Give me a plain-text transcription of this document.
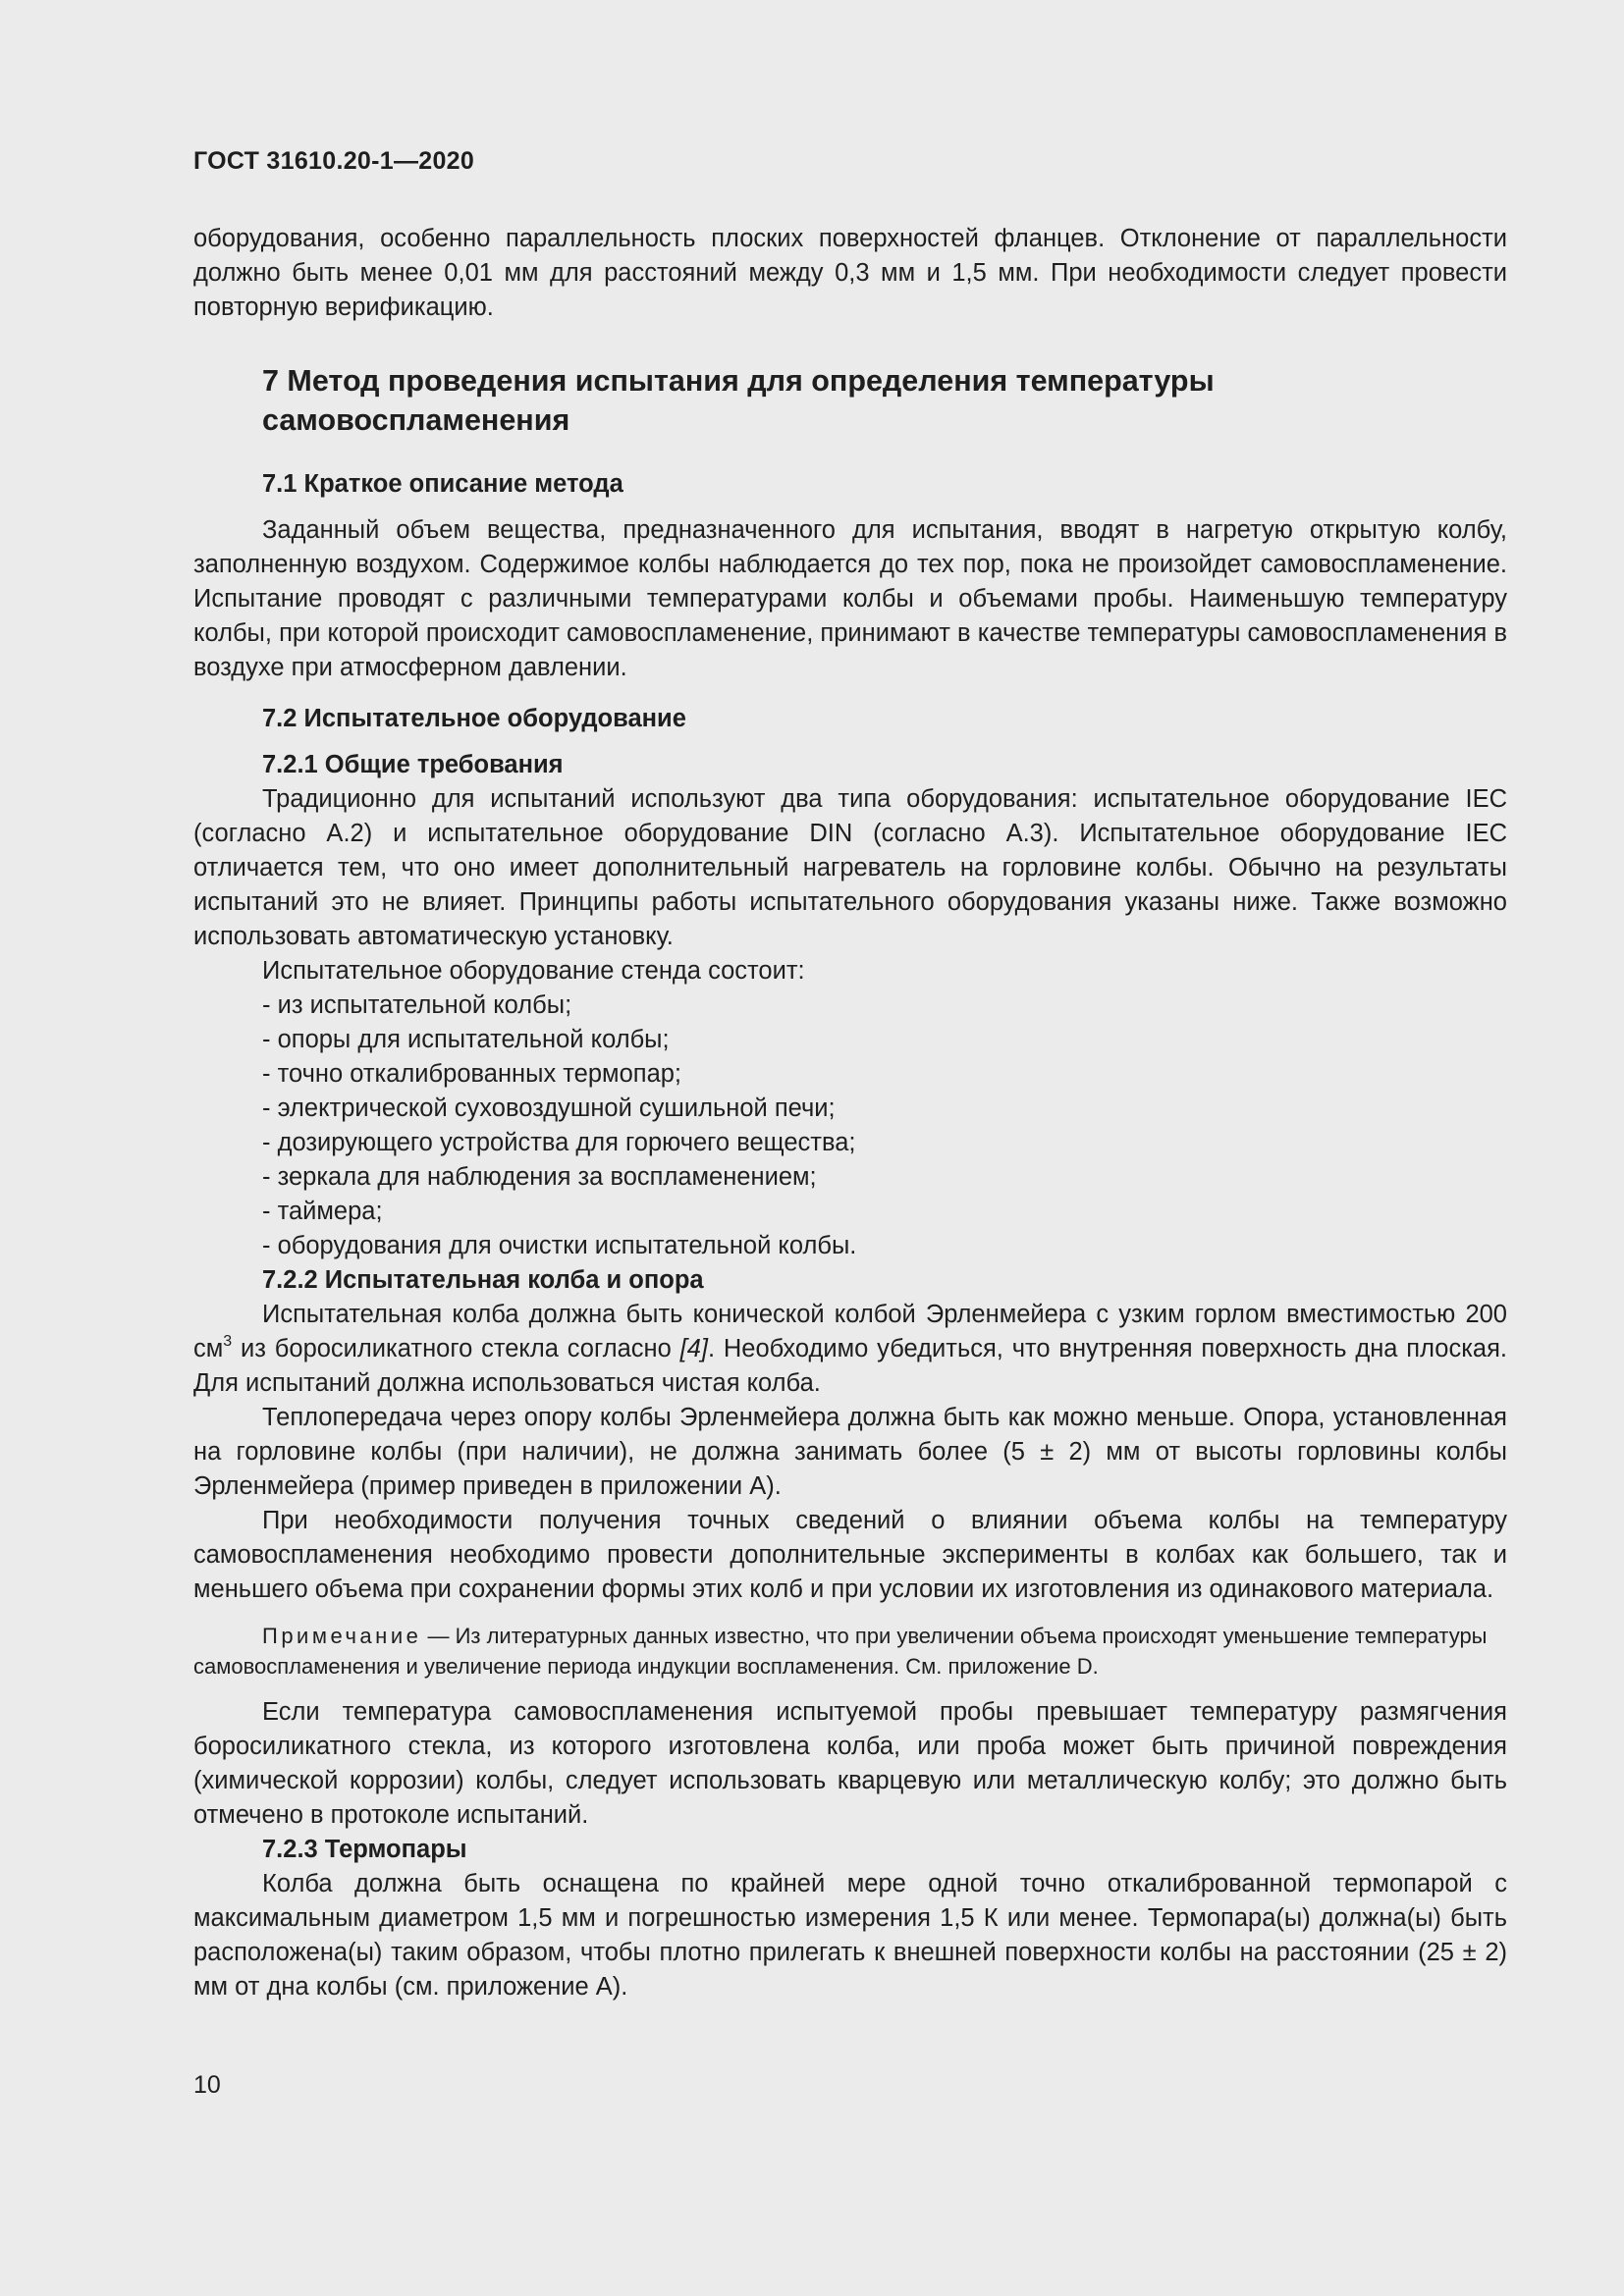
ГОСТ 31610.20-1—2020

оборудования, особенно параллельность плоских поверхностей фланцев. Отклонение от параллельности должно быть менее 0,01 мм для расстояний между 0,3 мм и 1,5 мм. При необходимости следует провести повторную верификацию.

7 Метод проведения испытания для определения температуры самовоспламенения

7.1 Краткое описание метода

Заданный объем вещества, предназначенного для испытания, вводят в нагретую открытую колбу, заполненную воздухом. Содержимое колбы наблюдается до тех пор, пока не произойдет самовоспламенение. Испытание проводят с различными температурами колбы и объемами пробы. Наименьшую температуру колбы, при которой происходит самовоспламенение, принимают в качестве температуры самовоспламенения в воздухе при атмосферном давлении.

7.2 Испытательное оборудование

7.2.1 Общие требования

Традиционно для испытаний используют два типа оборудования: испытательное оборудование IEC (согласно А.2) и испытательное оборудование DIN (согласно А.3). Испытательное оборудование IEC отличается тем, что оно имеет дополнительный нагреватель на горловине колбы. Обычно на результаты испытаний это не влияет. Принципы работы испытательного оборудования указаны ниже. Также возможно использовать автоматическую установку.

Испытательное оборудование стенда состоит:

- из испытательной колбы;

- опоры для испытательной колбы;

- точно откалиброванных термопар;

- электрической суховоздушной сушильной печи;

- дозирующего устройства для горючего вещества;

- зеркала для наблюдения за воспламенением;

- таймера;

- оборудования для очистки испытательной колбы.

7.2.2 Испытательная колба и опора

Испытательная колба должна быть конической колбой Эрленмейера с узким горлом вместимостью 200 $см^3$ из боросиликатного стекла согласно [4]. Необходимо убедиться, что внутренняя поверхность дна плоская. Для испытаний должна использоваться чистая колба.

Теплопередача через опору колбы Эрленмейера должна быть как можно меньше. Опора, установленная на горловине колбы (при наличии), не должна занимать более (5 ± 2) мм от высоты горловины колбы Эрленмейера (пример приведен в приложении А).

При необходимости получения точных сведений о влиянии объема колбы на температуру самовоспламенения необходимо провести дополнительные эксперименты в колбах как большего, так и меньшего объема при сохранении формы этих колб и при условии их изготовления из одинакового материала.

Примечание — Из литературных данных известно, что при увеличении объема происходят уменьшение температуры самовоспламенения и увеличение периода индукции воспламенения. См. приложение D.

Если температура самовоспламенения испытуемой пробы превышает температуру размягчения боросиликатного стекла, из которого изготовлена колба, или проба может быть причиной повреждения (химической коррозии) колбы, следует использовать кварцевую или металлическую колбу; это должно быть отмечено в протоколе испытаний.

7.2.3 Термопары

Колба должна быть оснащена по крайней мере одной точно откалиброванной термопарой с максимальным диаметром 1,5 мм и погрешностью измерения 1,5 К или менее. Термопара(ы) должна(ы) быть расположена(ы) таким образом, чтобы плотно прилегать к внешней поверхности колбы на расстоянии (25 ± 2) мм от дна колбы (см. приложение А).

10
